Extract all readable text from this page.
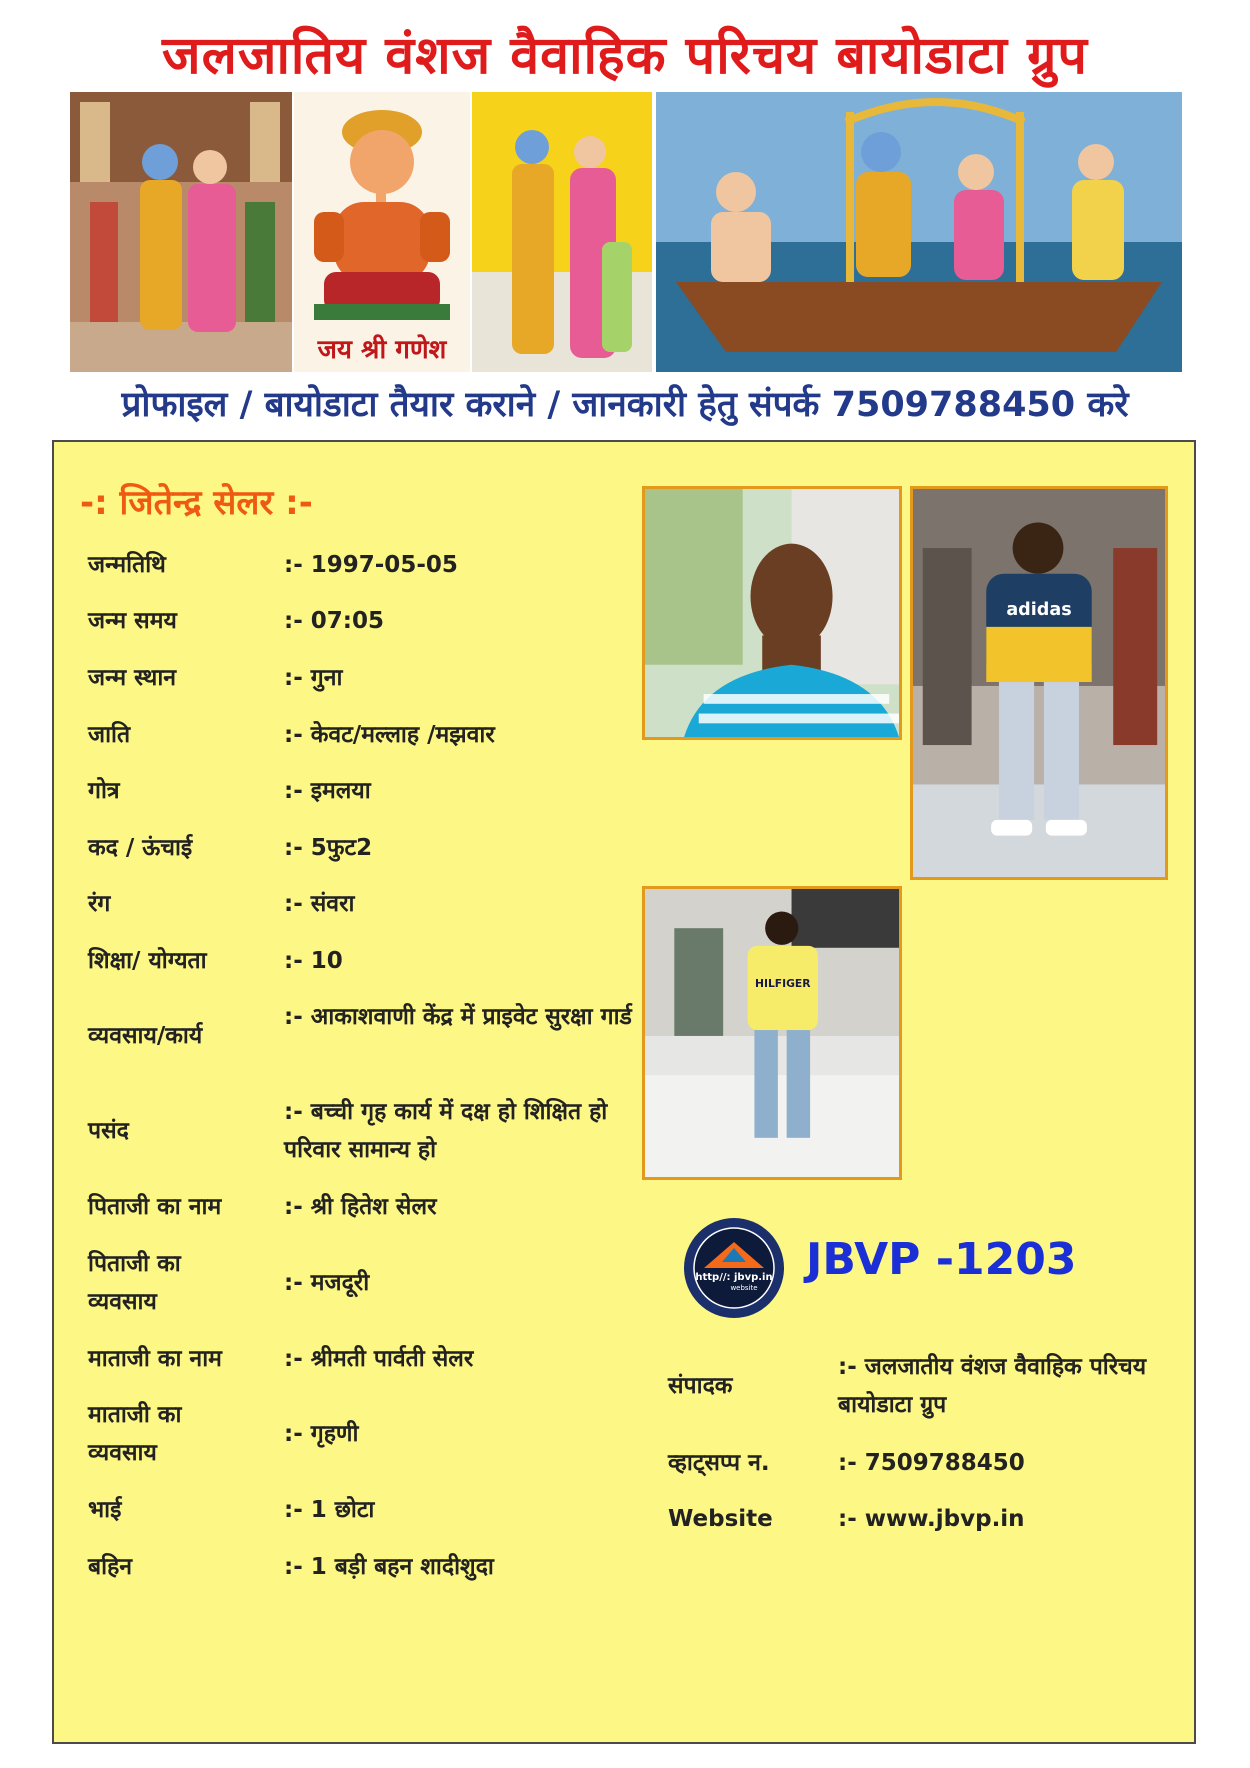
जलजातिय वंशज वैवाहिक परिचय बायोडाटा ग्रुप
जय श्री गणेश
प्रोफाइल / बायोडाटा तैयार कराने / जानकारी हेतु संपर्क 7509788450 करे
-: जितेन्द्र सेलर :-
जन्मतिथि	:- 1997-05-05
जन्म समय	:- 07:05
जन्म स्थान	:- गुना
जाति	:- केवट/मल्लाह /मझवार
गोत्र	:- इमलया
कद / ऊंचाई	:- 5फुट2
रंग	:- संवरा
शिक्षा/ योग्यता	:- 10
व्यवसाय/कार्य
:- आकाशवाणी केंद्र में प्राइवेट सुरक्षा गार्ड
पसंद
:- बच्ची गृह कार्य में दक्ष हो शिक्षित हो परिवार सामान्य हो
पिताजी का नाम	:- श्री हितेश सेलर
पिताजी का व्यवसाय
:- मजदूरी
माताजी का नाम	:- श्रीमती पार्वती सेलर
माताजी का व्यवसाय
:- गृहणी
भाई	:- 1 छोटा
बहिन	:- 1 बड़ी बहन शादीशुदा
adidas
HILFIGER
http//: jbvp.in
website
JBVP -1203
संपादक
:- जलजातीय वंशज वैवाहिक परिचय बायोडाटा ग्रुप
व्हाट्सप्प न.	:- 7509788450
Website	:- www.jbvp.in
